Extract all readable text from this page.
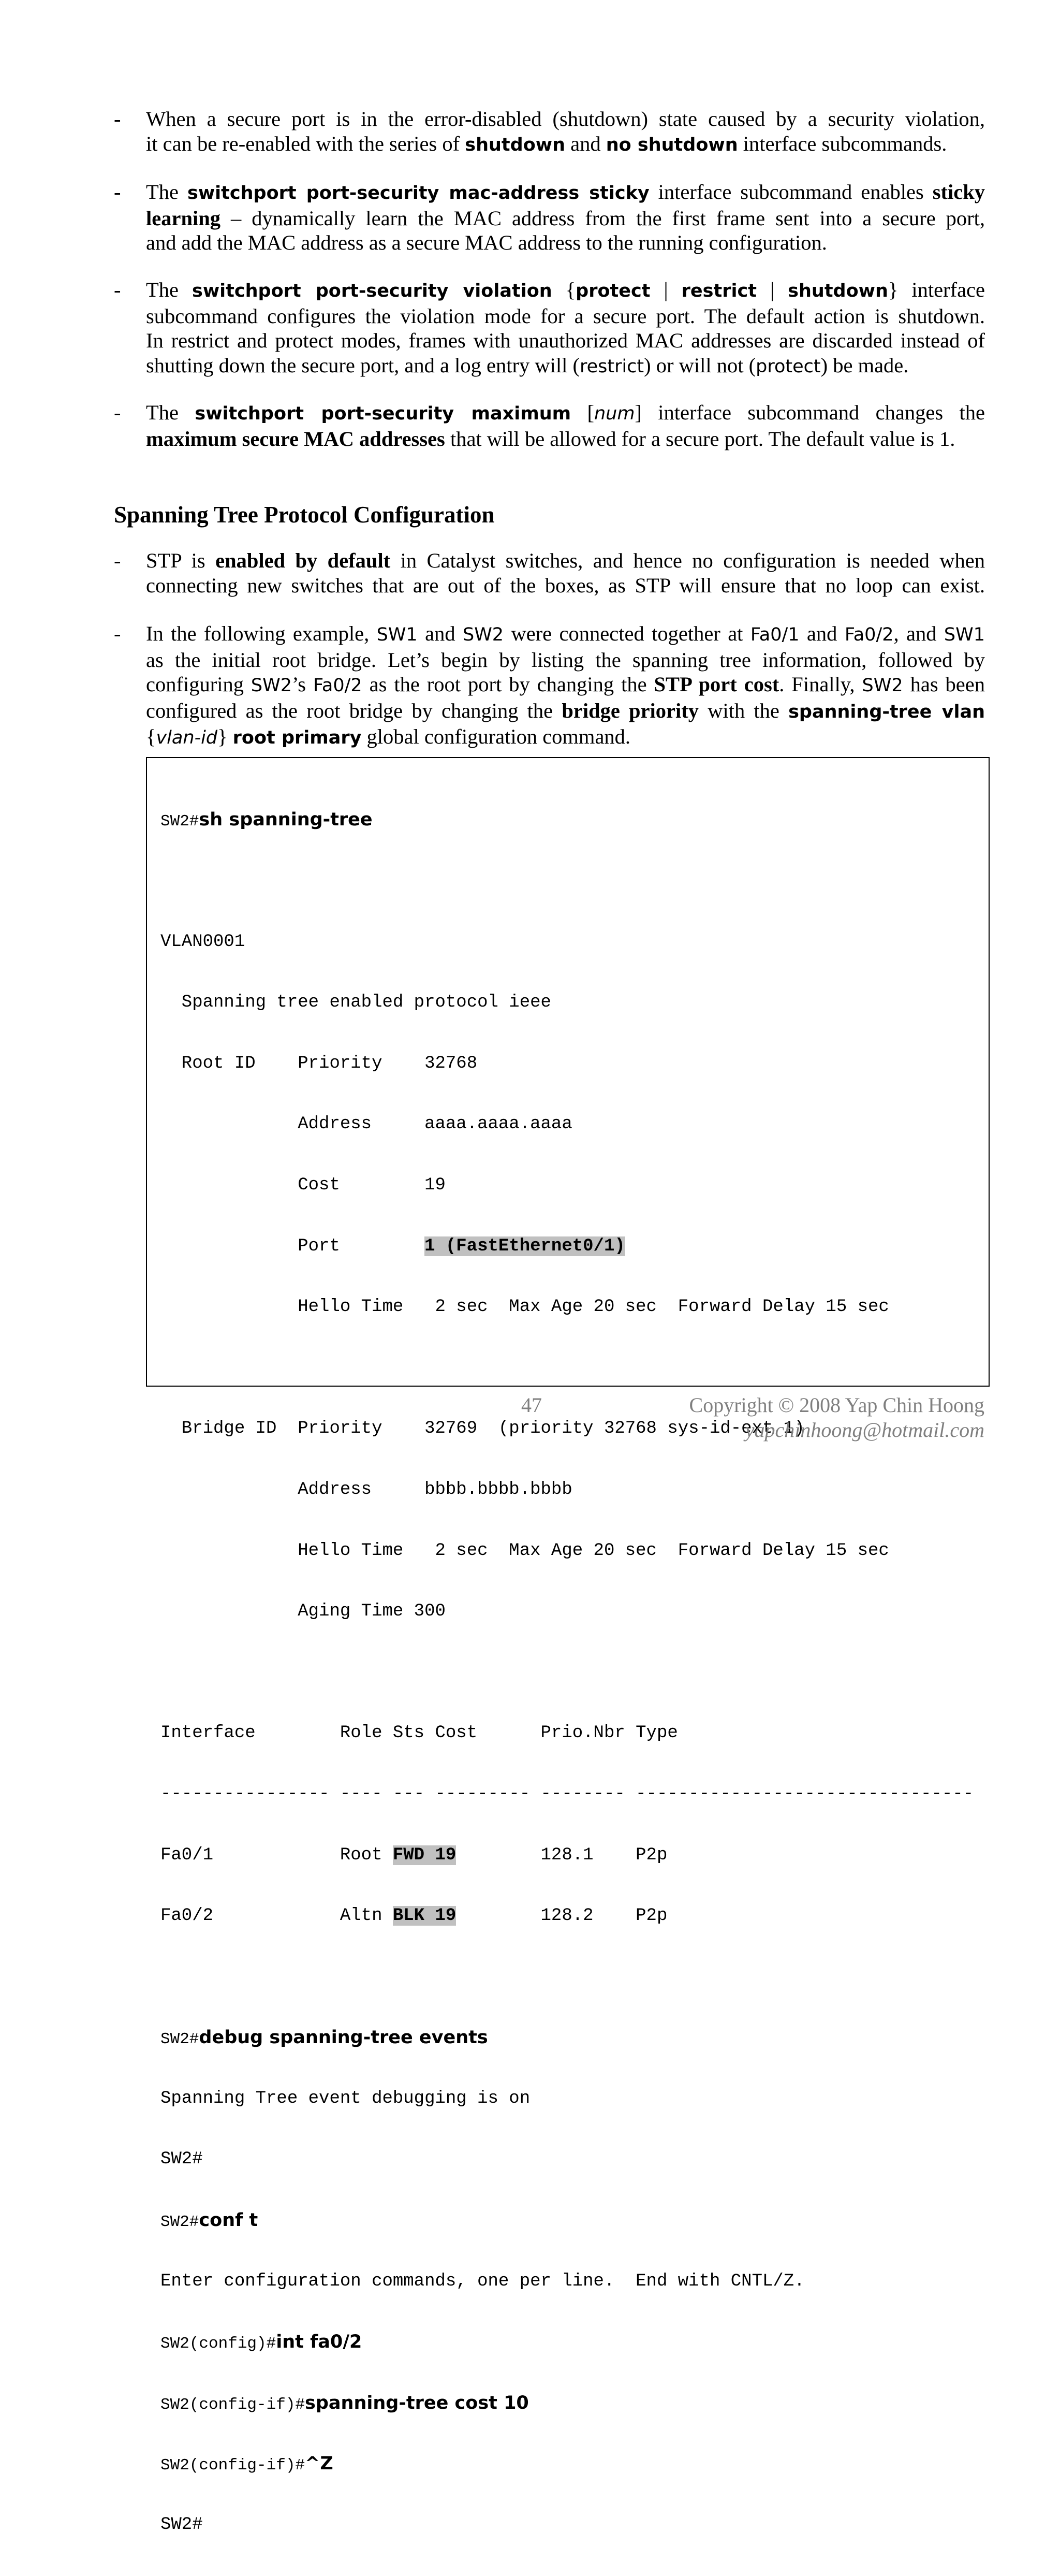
- When a secure port is in the error-disabled (shutdown) state caused by a security violation,
it can be re-enabled with the series of shutdown and no shutdown interface subcommands.
- The switchport port-security mac-address sticky interface subcommand enables sticky
learning – dynamically learn the MAC address from the first frame sent into a secure port,
and add the MAC address as a secure MAC address to the running configuration.
- The switchport port-security violation {protect | restrict | shutdown} interface
subcommand configures the violation mode for a secure port. The default action is shutdown.
In restrict and protect modes, frames with unauthorized MAC addresses are discarded instead of
shutting down the secure port, and a log entry will (restrict) or will not (protect) be made.
- The switchport port-security maximum [num] interface subcommand changes the
maximum secure MAC addresses that will be allowed for a secure port. The default value is 1.
Spanning Tree Protocol Configuration
- STP is enabled by default in Catalyst switches, and hence no configuration is needed when
connecting new switches that are out of the boxes, as STP will ensure that no loop can exist.
- In the following example, SW1 and SW2 were connected together at Fa0/1 and Fa0/2, and SW1
as the initial root bridge. Let’s begin by listing the spanning tree information, followed by
configuring SW2’s Fa0/2 as the root port by changing the STP port cost. Finally, SW2 has been
configured as the root bridge by changing the bridge priority with the spanning-tree vlan
{vlan-id} root primary global configuration command.

SW2#sh spanning-tree

VLAN0001

Spanning tree enabled protocol ieee

Root ID    Priority    32768

Address     aaaa.aaaa.aaaa

Cost        19

Port        1 (FastEthernet0/1)

Hello Time   2 sec  Max Age 20 sec  Forward Delay 15 sec

Bridge ID  Priority    32769  (priority 32768 sys-id-ext 1)

Address     bbbb.bbbb.bbbb

Hello Time   2 sec  Max Age 20 sec  Forward Delay 15 sec

Aging Time 300

Interface        Role Sts Cost      Prio.Nbr Type

---------------- ---- --- --------- -------- --------------------------------

Fa0/1            Root FWD 19        128.1    P2p

Fa0/2            Altn BLK 19        128.2    P2p

SW2#debug spanning-tree events

Spanning Tree event debugging is on

SW2#

SW2#conf t

Enter configuration commands, one per line.  End with CNTL/Z.

SW2(config)#int fa0/2

SW2(config-if)#spanning-tree cost 10

SW2(config-if)#^Z

SW2#

47	Copyright © 2008 Yap Chin Hoong
yapchinhoong@hotmail.com
